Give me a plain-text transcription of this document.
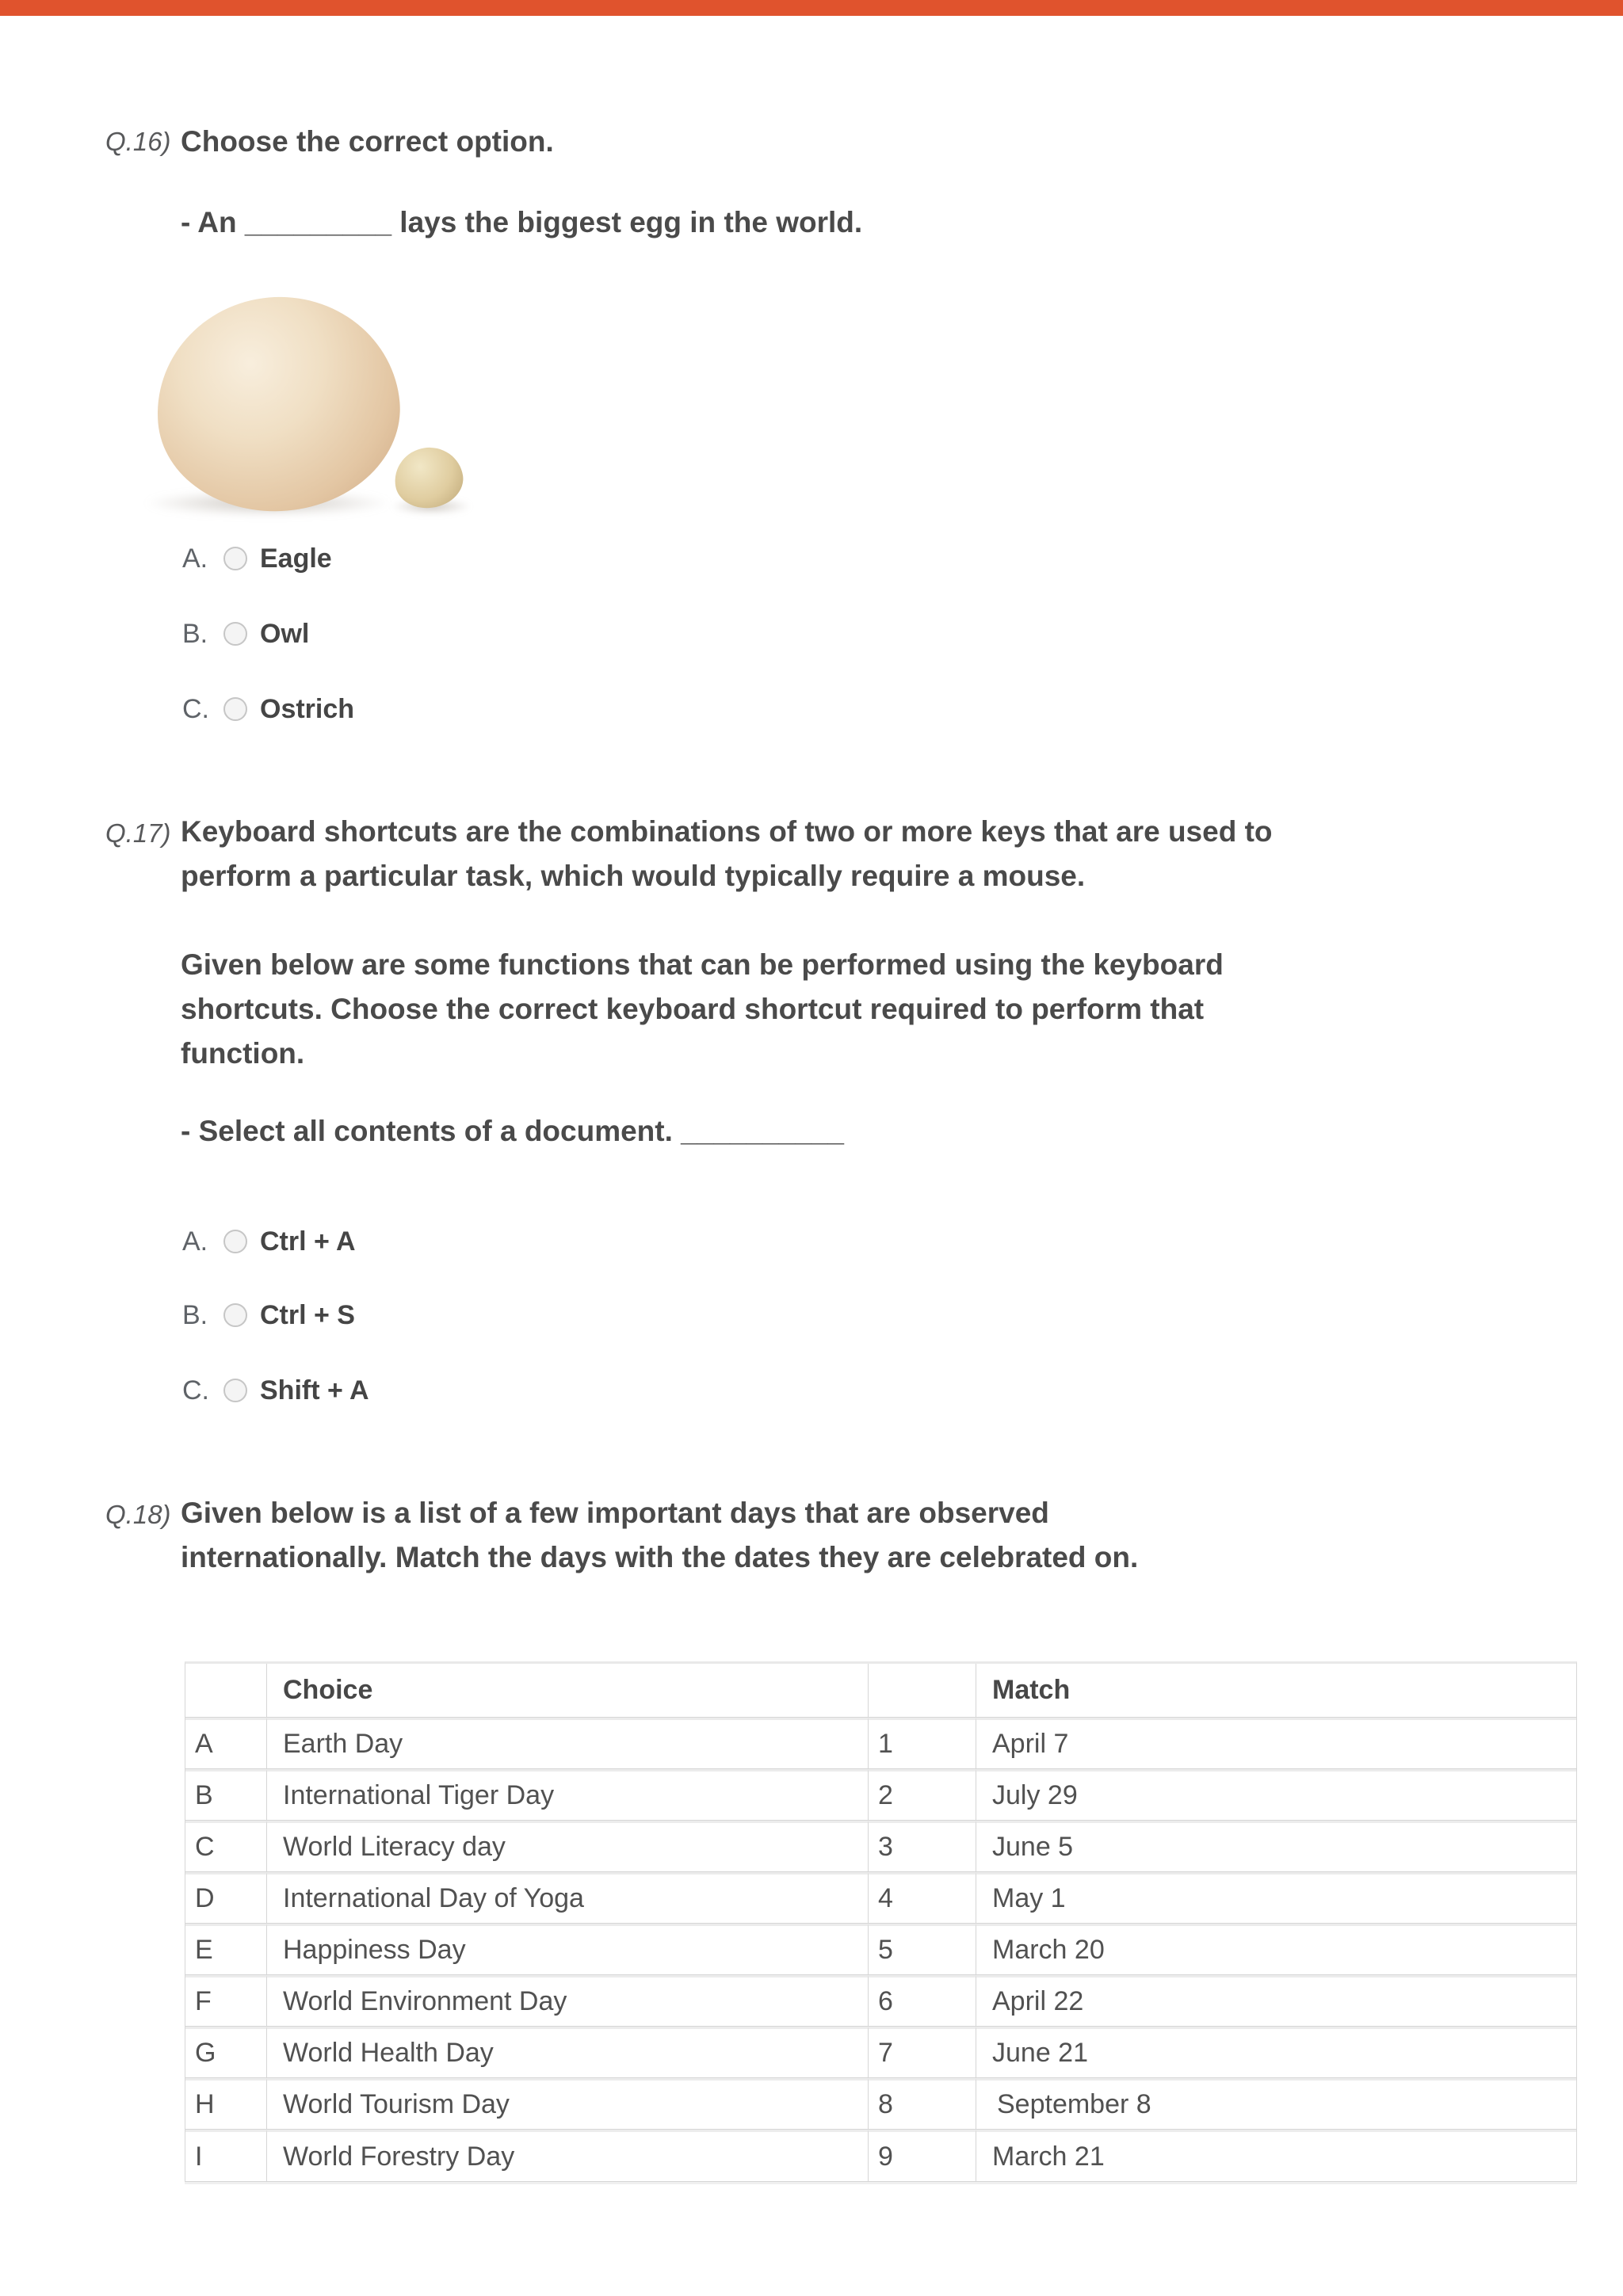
Q.16) Choose the correct option.
- An _________ lays the biggest egg in the world.
A.	Eagle
B.	Owl
C.	Ostrich
Q.17) Keyboard shortcuts are the combinations of two or more keys that are used to
perform a particular task, which would typically require a mouse.
Given below are some functions that can be performed using the keyboard
shortcuts. Choose the correct keyboard shortcut required to perform that
function.
- Select all contents of a document. __________
A.	Ctrl + A
B.	Ctrl + S
C.	Shift + A
Q.18) Given below is a list of a few important days that are observed
internationally. Match the days with the dates they are celebrated on.
	Choice		Match
A	Earth Day	1	April 7
B	International Tiger Day	2	July 29
C	World Literacy day	3	June 5
D	International Day of Yoga	4	May 1
E	Happiness Day	5	March 20
F	World Environment Day	6	April 22
G	World Health Day	7	June 21
H	World Tourism Day	8	September 8
I	World Forestry Day	9	March 21
